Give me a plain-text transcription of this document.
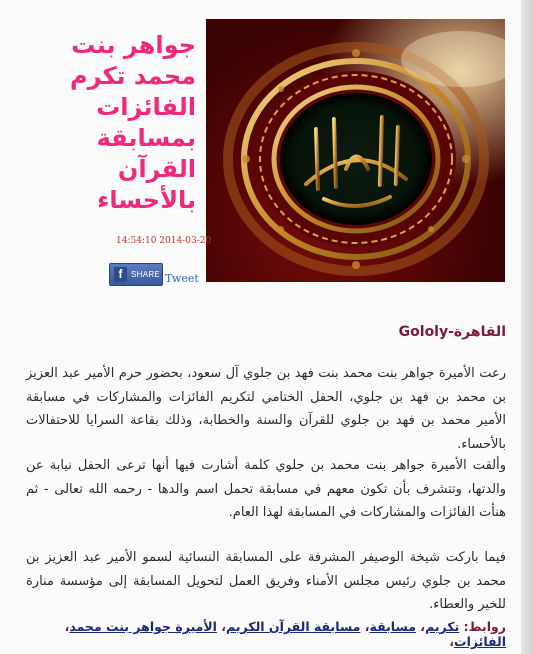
جواهر بنت محمد تكرم الفائزات بمسابقة القرآن بالأحساء
14:54:10 2014-03-20
f	SHARE Tweet
القاهرة-Gololy
رعت الأميرة جواهر بنت محمد بنت فهد بن جلوي آل سعود، بحضور حرم الأمير عبد العزيز بن محمد بن فهد بن جلوي، الحفل الختامي لتكريم الفائزات والمشاركات في مسابقة الأمير محمد بن فهد بن جلوي للقرآن والسنة والخطابة، وذلك بقاعة السرايا للاحتفالات بالأحساء.
وألقت الأميرة جواهر بنت محمد بن جلوي كلمة أشارت فيها أنها ترعى الحفل نيابة عن والدتها، وتتشرف بأن تكون معهم في مسابقة تحمل اسم والدها - رحمه الله تعالى - ثم هنأت الفائزات والمشاركات في المسابقة لهذا العام.
فيما باركت شيخة الوصيفر المشرفة على المسابقة النسائية لسمو الأمير عبد العزيز بن محمد بن جلوي رئيس مجلس الأمناء وفريق العمل لتحويل المسابقة إلى مؤسسة منارة للخير والعطاء.
روابط: تكريم، مسابقة، مسابقة القرآن الكريم، الأميرة جواهر بنت محمد، الفائزات،
